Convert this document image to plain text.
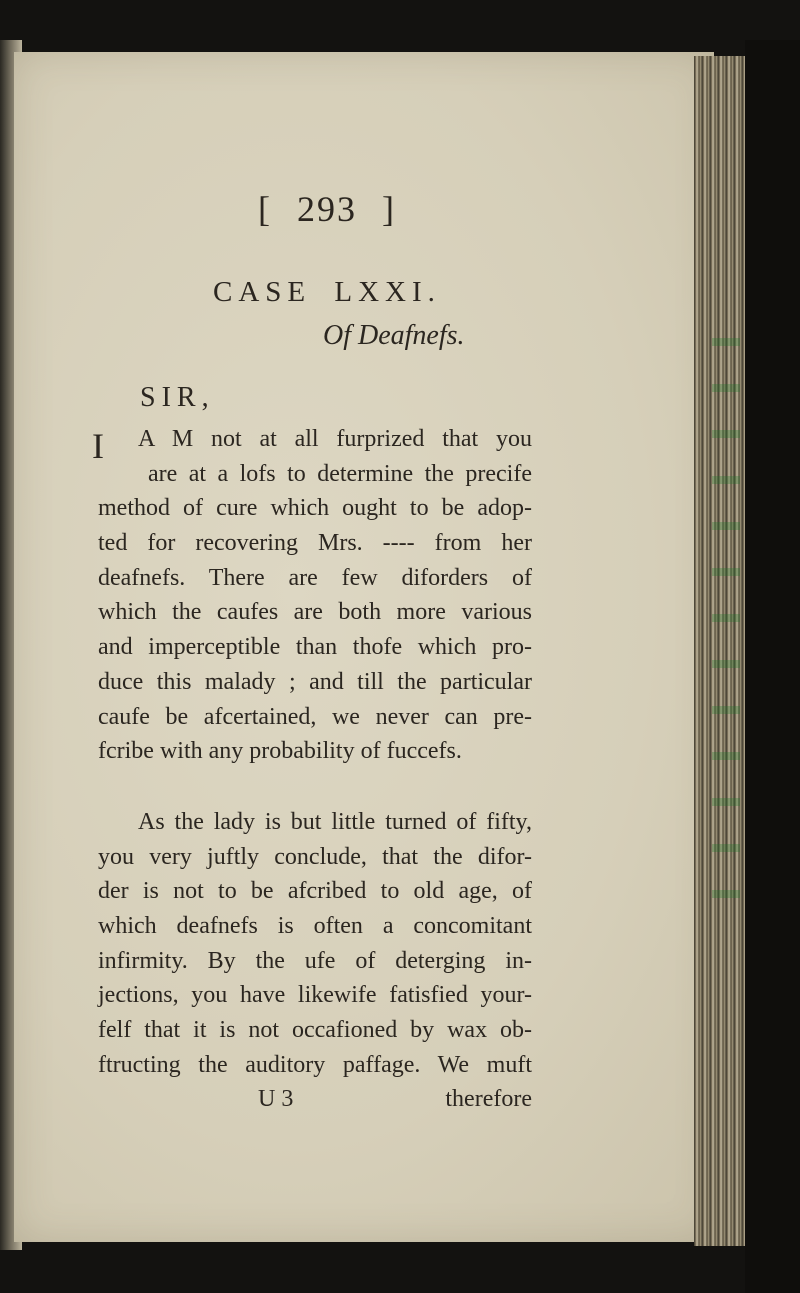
[ 293 ]
CASE LXXI.
Of Deafnefs.
SIR,
I A M not at all furprized that you
are at a lofs to determine the precife
method of cure which ought to be adop-
ted for recovering Mrs. ---- from her
deafnefs. There are few diforders of
which the caufes are both more various
and imperceptible than thofe which pro-
duce this malady ; and till the particular
caufe be afcertained, we never can pre-
fcribe with any probability of fuccefs.
As the lady is but little turned of fifty,
you very juftly conclude, that the difor-
der is not to be afcribed to old age, of
which deafnefs is often a concomitant
infirmity. By the ufe of deterging in-
jections, you have likewife fatisfied your-
felf that it is not occafioned by wax ob-
ftructing the auditory paffage. We muft
U 3	therefore
